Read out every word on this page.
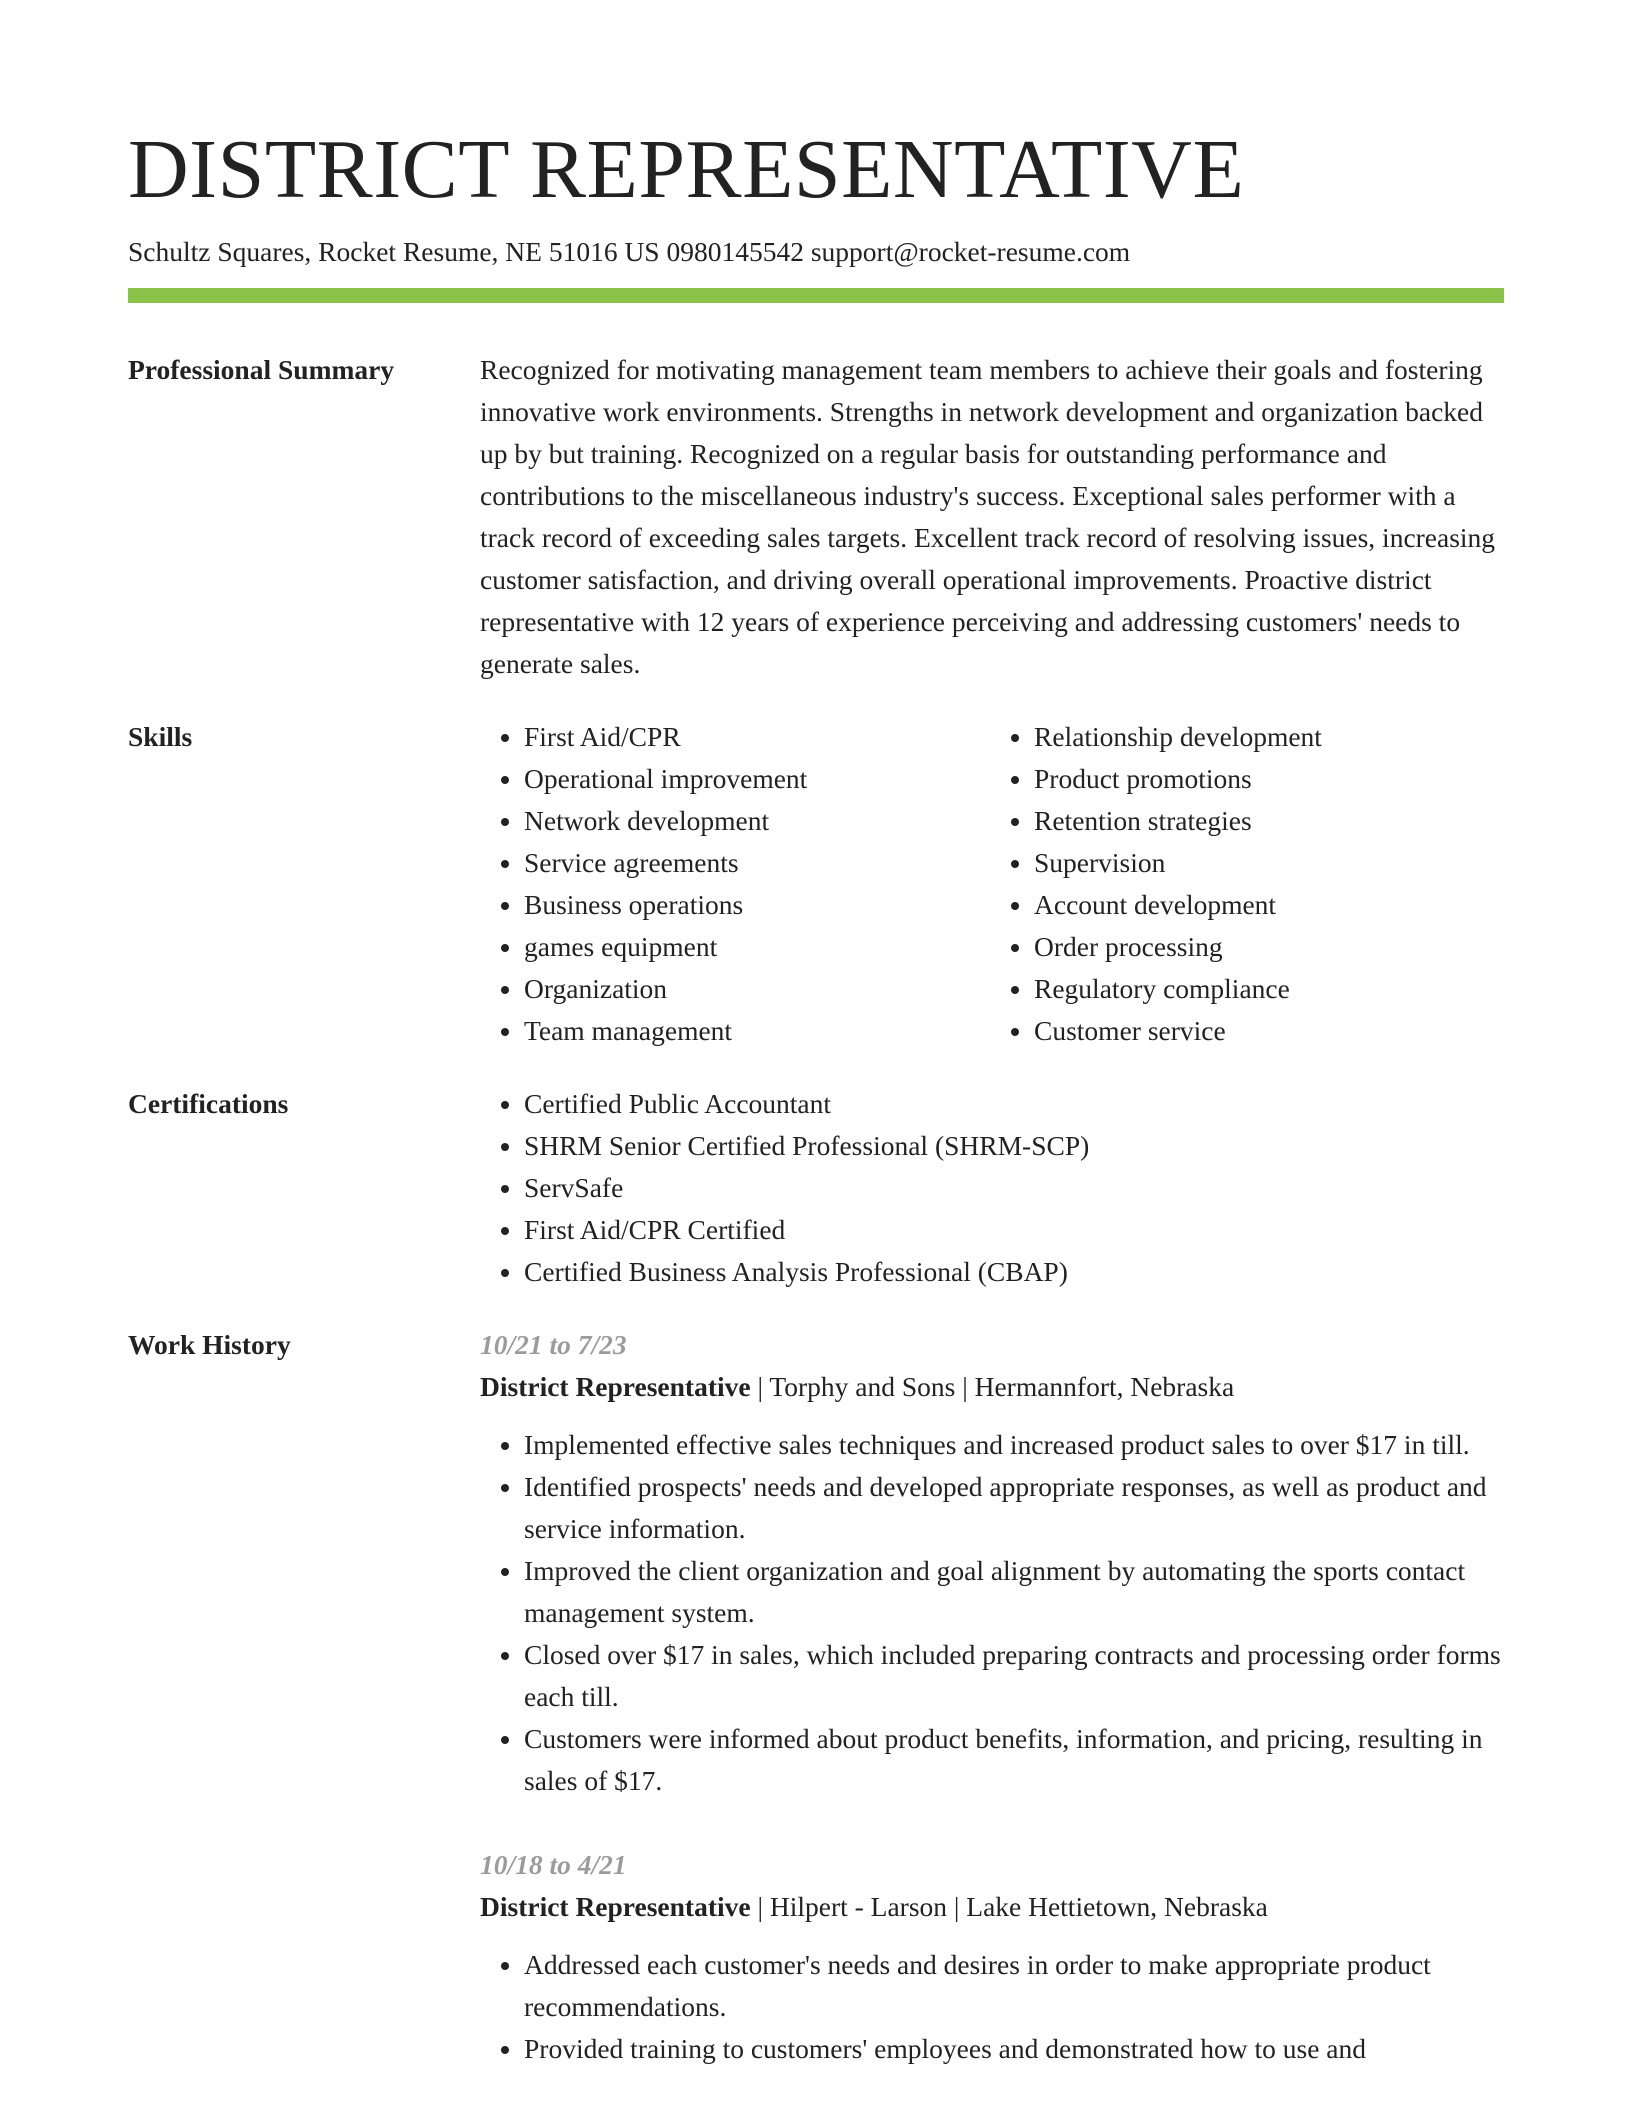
DISTRICT REPRESENTATIVE
Schultz Squares, Rocket Resume, NE 51016 US 0980145542 support@rocket-resume.com
Professional Summary	Recognized for motivating management team members to achieve their goals and fostering innovative work environments. Strengths in network development and organization backed up by but training. Recognized on a regular basis for outstanding performance and contributions to the miscellaneous industry's success. Exceptional sales performer with a track record of exceeding sales targets. Excellent track record of resolving issues, increasing customer satisfaction, and driving overall operational improvements. Proactive district representative with 12 years of experience perceiving and addressing customers' needs to generate sales.

Skills	• First Aid/CPR
• Operational improvement
• Network development
• Service agreements
• Business operations
• games equipment
• Organization
• Team management
• Relationship development
• Product promotions
• Retention strategies
• Supervision
• Account development
• Order processing
• Regulatory compliance
• Customer service
Certifications	• Certified Public Accountant
• SHRM Senior Certified Professional (SHRM-SCP)
• ServSafe
• First Aid/CPR Certified
• Certified Business Analysis Professional (CBAP)
Work History	10/21 to 7/23
District Representative | Torphy and Sons | Hermannfort, Nebraska
• Implemented effective sales techniques and increased product sales to over $17 in till.
• Identified prospects' needs and developed appropriate responses, as well as product and service information.
• Improved the client organization and goal alignment by automating the sports contact management system.
• Closed over $17 in sales, which included preparing contracts and processing order forms each till.
• Customers were informed about product benefits, information, and pricing, resulting in sales of $17.
10/18 to 4/21
District Representative | Hilpert - Larson | Lake Hettietown, Nebraska
• Addressed each customer's needs and desires in order to make appropriate product recommendations.
• Provided training to customers' employees and demonstrated how to use and
